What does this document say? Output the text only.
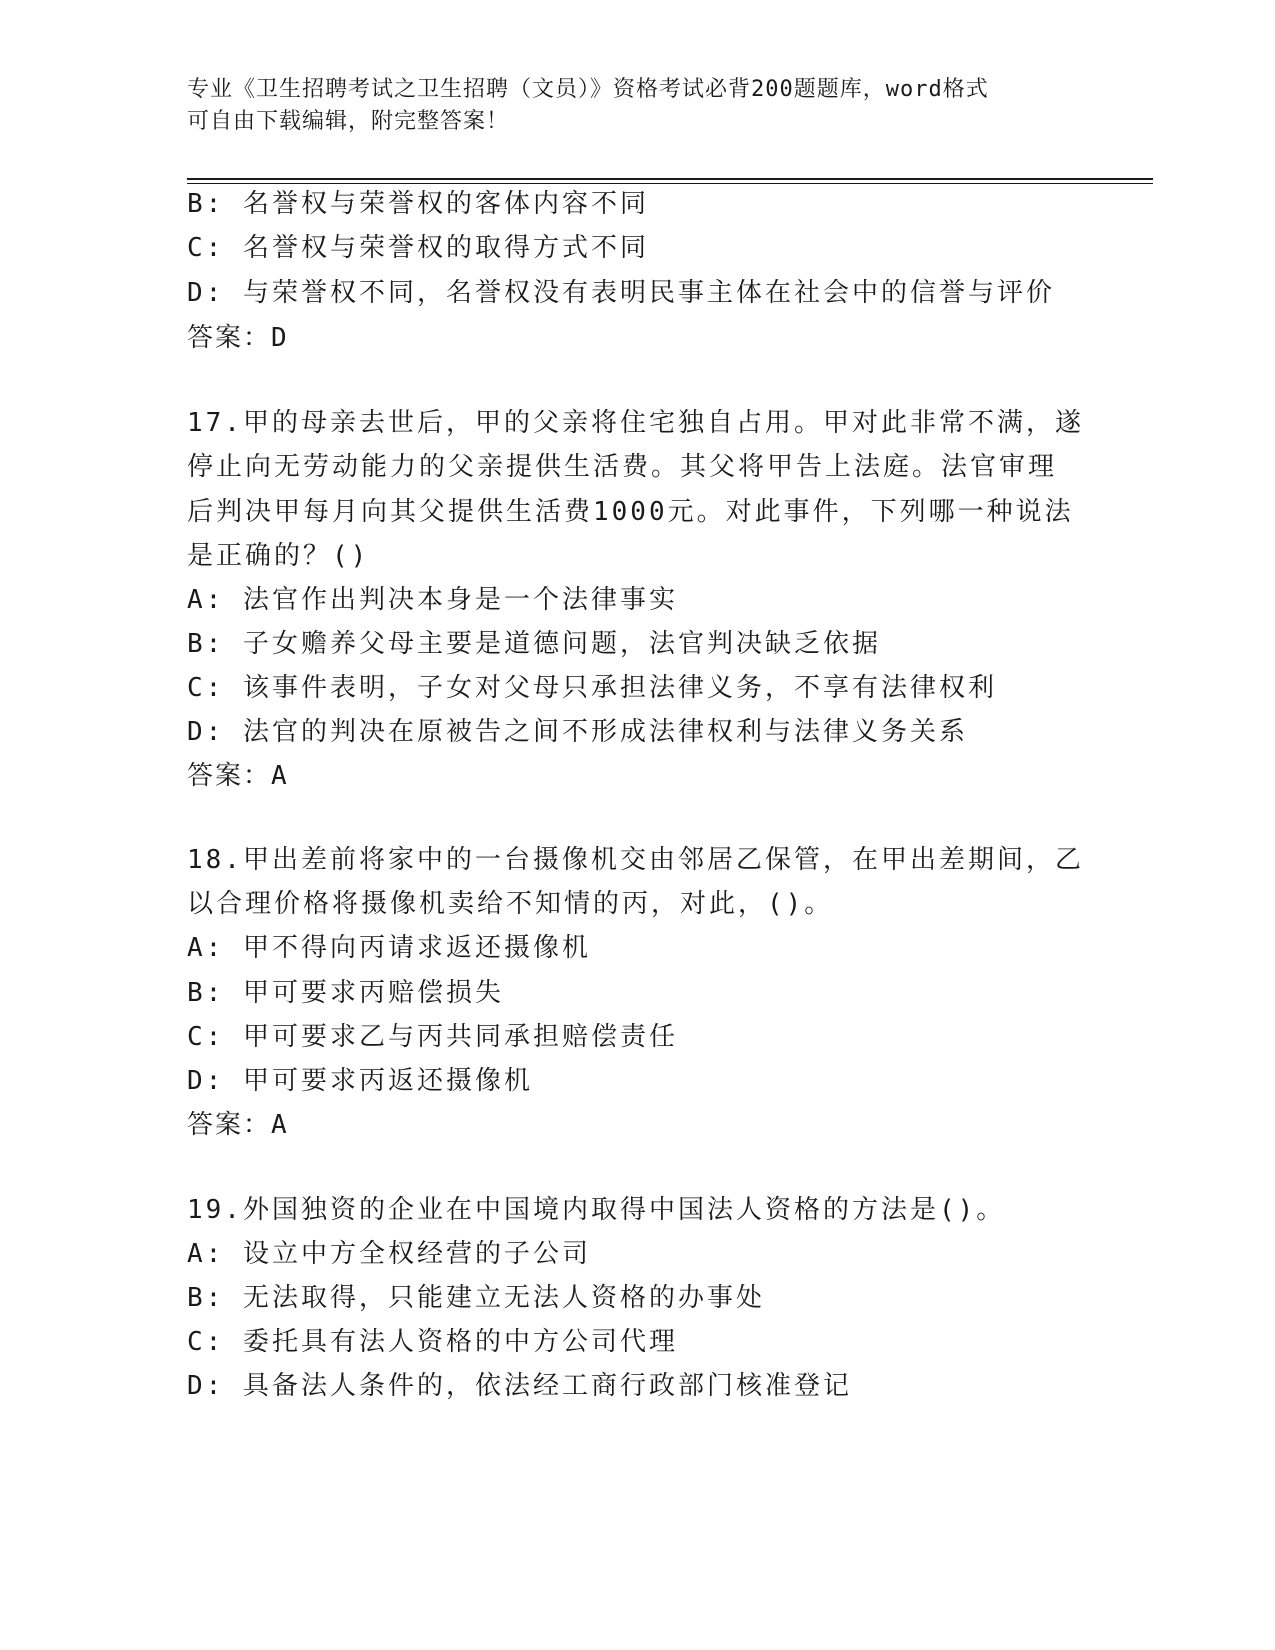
专业《卫生招聘考试之卫生招聘（文员）》资格考试必背200题题库，word格式
可自由下载编辑，附完整答案！
B: 名誉权与荣誉权的客体内容不同
C: 名誉权与荣誉权的取得方式不同
D: 与荣誉权不同，名誉权没有表明民事主体在社会中的信誉与评价
答案：D
17.甲的母亲去世后，甲的父亲将住宅独自占用。甲对此非常不满，遂
停止向无劳动能力的父亲提供生活费。其父将甲告上法庭。法官审理
后判决甲每月向其父提供生活费1000元。对此事件，下列哪一种说法
是正确的？()
A: 法官作出判决本身是一个法律事实
B: 子女赡养父母主要是道德问题，法官判决缺乏依据
C: 该事件表明，子女对父母只承担法律义务，不享有法律权利
D: 法官的判决在原被告之间不形成法律权利与法律义务关系
答案：A
18.甲出差前将家中的一台摄像机交由邻居乙保管，在甲出差期间，乙
以合理价格将摄像机卖给不知情的丙，对此，()。
A: 甲不得向丙请求返还摄像机
B: 甲可要求丙赔偿损失
C: 甲可要求乙与丙共同承担赔偿责任
D: 甲可要求丙返还摄像机
答案：A
19.外国独资的企业在中国境内取得中国法人资格的方法是()。
A: 设立中方全权经营的子公司
B: 无法取得，只能建立无法人资格的办事处
C: 委托具有法人资格的中方公司代理
D: 具备法人条件的，依法经工商行政部门核准登记
